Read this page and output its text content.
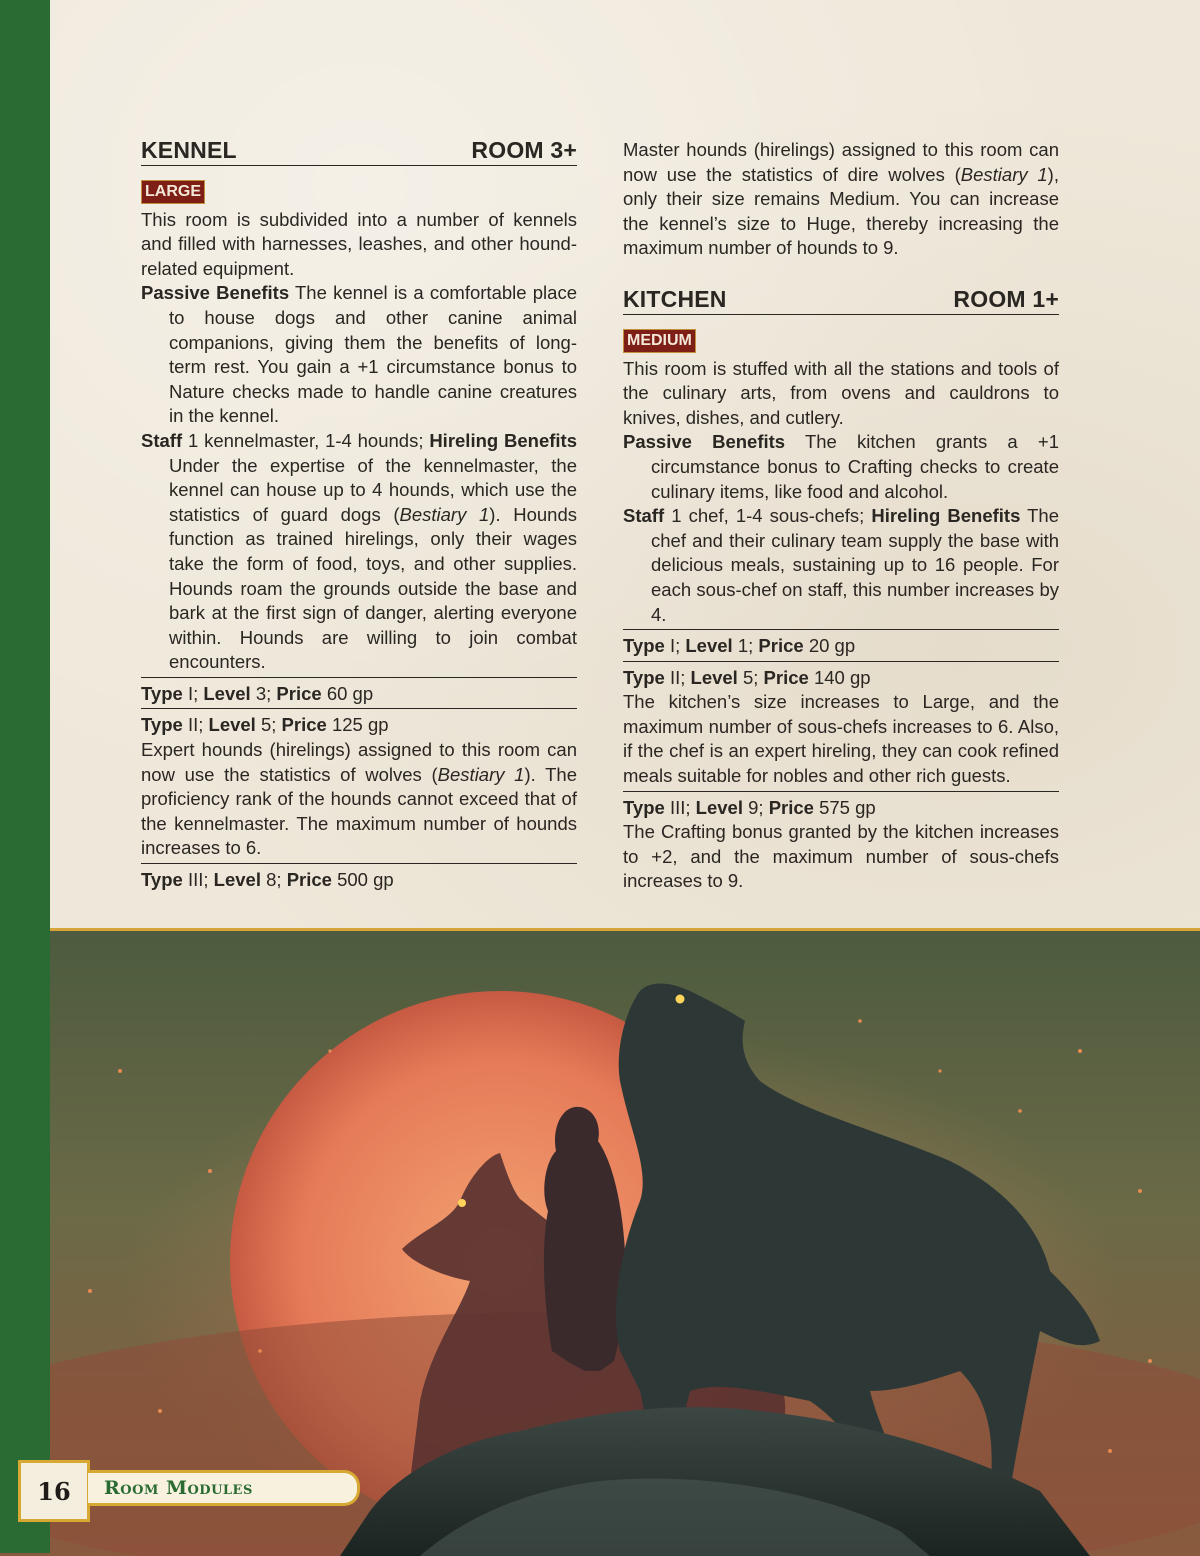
KENNEL	ROOM 3+
LARGE

This room is subdivided into a number of kennels and filled with harnesses, leashes, and other hound-related equipment.

Passive Benefits The kennel is a comfortable place to house dogs and other canine animal companions, giving them the benefits of long-term rest. You gain a +1 circumstance bonus to Nature checks made to handle canine creatures in the kennel.

Staff 1 kennelmaster, 1-4 hounds; Hireling Benefits Under the expertise of the kennelmaster, the kennel can house up to 4 hounds, which use the statistics of guard dogs (Bestiary 1). Hounds function as trained hirelings, only their wages take the form of food, toys, and other supplies. Hounds roam the grounds outside the base and bark at the first sign of danger, alerting everyone within. Hounds are willing to join combat encounters.

Type I; Level 3; Price 60 gp

Type II; Level 5; Price 125 gp

Expert hounds (hirelings) assigned to this room can now use the statistics of wolves (Bestiary 1). The proficiency rank of the hounds cannot exceed that of the kennelmaster. The maximum number of hounds increases to 6.

Type III; Level 8; Price 500 gp

Master hounds (hirelings) assigned to this room can now use the statistics of dire wolves (Bestiary 1), only their size remains Medium. You can increase the kennel’s size to Huge, thereby increasing the maximum number of hounds to 9.

KITCHEN	ROOM 1+
MEDIUM

This room is stuffed with all the stations and tools of the culinary arts, from ovens and cauldrons to knives, dishes, and cutlery.

Passive Benefits The kitchen grants a +1 circumstance bonus to Crafting checks to create culinary items, like food and alcohol.

Staff 1 chef, 1-4 sous-chefs; Hireling Benefits The chef and their culinary team supply the base with delicious meals, sustaining up to 16 people. For each sous-chef on staff, this number increases by 4.

Type I; Level 1; Price 20 gp

Type II; Level 5; Price 140 gp

The kitchen’s size increases to Large, and the maximum number of sous-chefs increases to 6. Also, if the chef is an expert hireling, they can cook refined meals suitable for nobles and other rich guests.

Type III; Level 9; Price 575 gp

The Crafting bonus granted by the kitchen increases to +2, and the maximum number of sous-chefs increases to 9.

16	Room Modules
